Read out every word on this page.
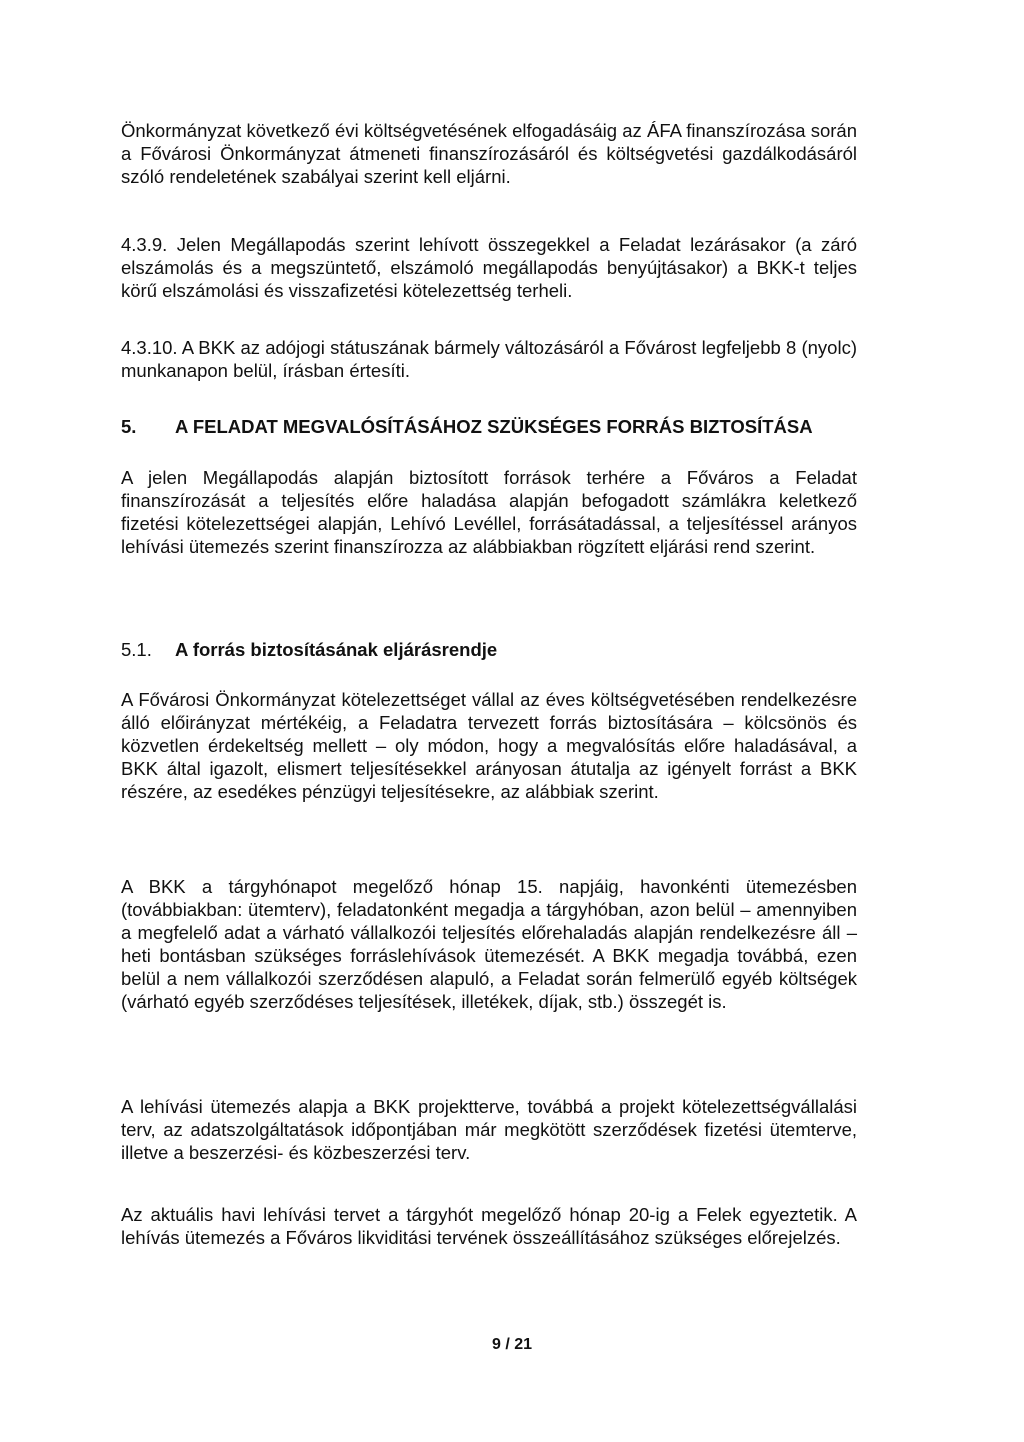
Önkormányzat következő évi költségvetésének elfogadásáig az ÁFA finanszírozása során a Fővárosi Önkormányzat átmeneti finanszírozásáról és költségvetési gazdálkodásáról szóló rendeletének szabályai szerint kell eljárni.

4.3.9. Jelen Megállapodás szerint lehívott összegekkel a Feladat lezárásakor (a záró elszámolás és a megszüntető, elszámoló megállapodás benyújtásakor) a BKK-t teljes körű elszámolási és visszafizetési kötelezettség terheli.

4.3.10. A BKK az adójogi státuszának bármely változásáról a Fővárost legfeljebb 8 (nyolc) munkanapon belül, írásban értesíti.

5. A FELADAT MEGVALÓSÍTÁSÁHOZ SZÜKSÉGES FORRÁS BIZTOSÍTÁSA

A jelen Megállapodás alapján biztosított források terhére a Főváros a Feladat finanszírozását a teljesítés előre haladása alapján befogadott számlákra keletkező fizetési kötelezettségei alapján, Lehívó Levéllel, forrásátadással, a teljesítéssel arányos lehívási ütemezés szerint finanszírozza az alábbiakban rögzített eljárási rend szerint.

5.1. A forrás biztosításának eljárásrendje

A Fővárosi Önkormányzat kötelezettséget vállal az éves költségvetésében rendelkezésre álló előirányzat mértékéig, a Feladatra tervezett forrás biztosítására – kölcsönös és közvetlen érdekeltség mellett – oly módon, hogy a megvalósítás előre haladásával, a BKK által igazolt, elismert teljesítésekkel arányosan átutalja az igényelt forrást a BKK részére, az esedékes pénzügyi teljesítésekre, az alábbiak szerint.

A BKK a tárgyhónapot megelőző hónap 15. napjáig, havonkénti ütemezésben (továbbiakban: ütemterv), feladatonként megadja a tárgyhóban, azon belül – amennyiben a megfelelő adat a várható vállalkozói teljesítés előrehaladás alapján rendelkezésre áll – heti bontásban szükséges forráslehívások ütemezését. A BKK megadja továbbá, ezen belül a nem vállalkozói szerződésen alapuló, a Feladat során felmerülő egyéb költségek (várható egyéb szerződéses teljesítések, illetékek, díjak, stb.) összegét is.

A lehívási ütemezés alapja a BKK projektterve, továbbá a projekt kötelezettségvállalási terv, az adatszolgáltatások időpontjában már megkötött szerződések fizetési ütemterve, illetve a beszerzési- és közbeszerzési terv.

Az aktuális havi lehívási tervet a tárgyhót megelőző hónap 20-ig a Felek egyeztetik. A lehívás ütemezés a Főváros likviditási tervének összeállításához szükséges előrejelzés.

9 / 21
